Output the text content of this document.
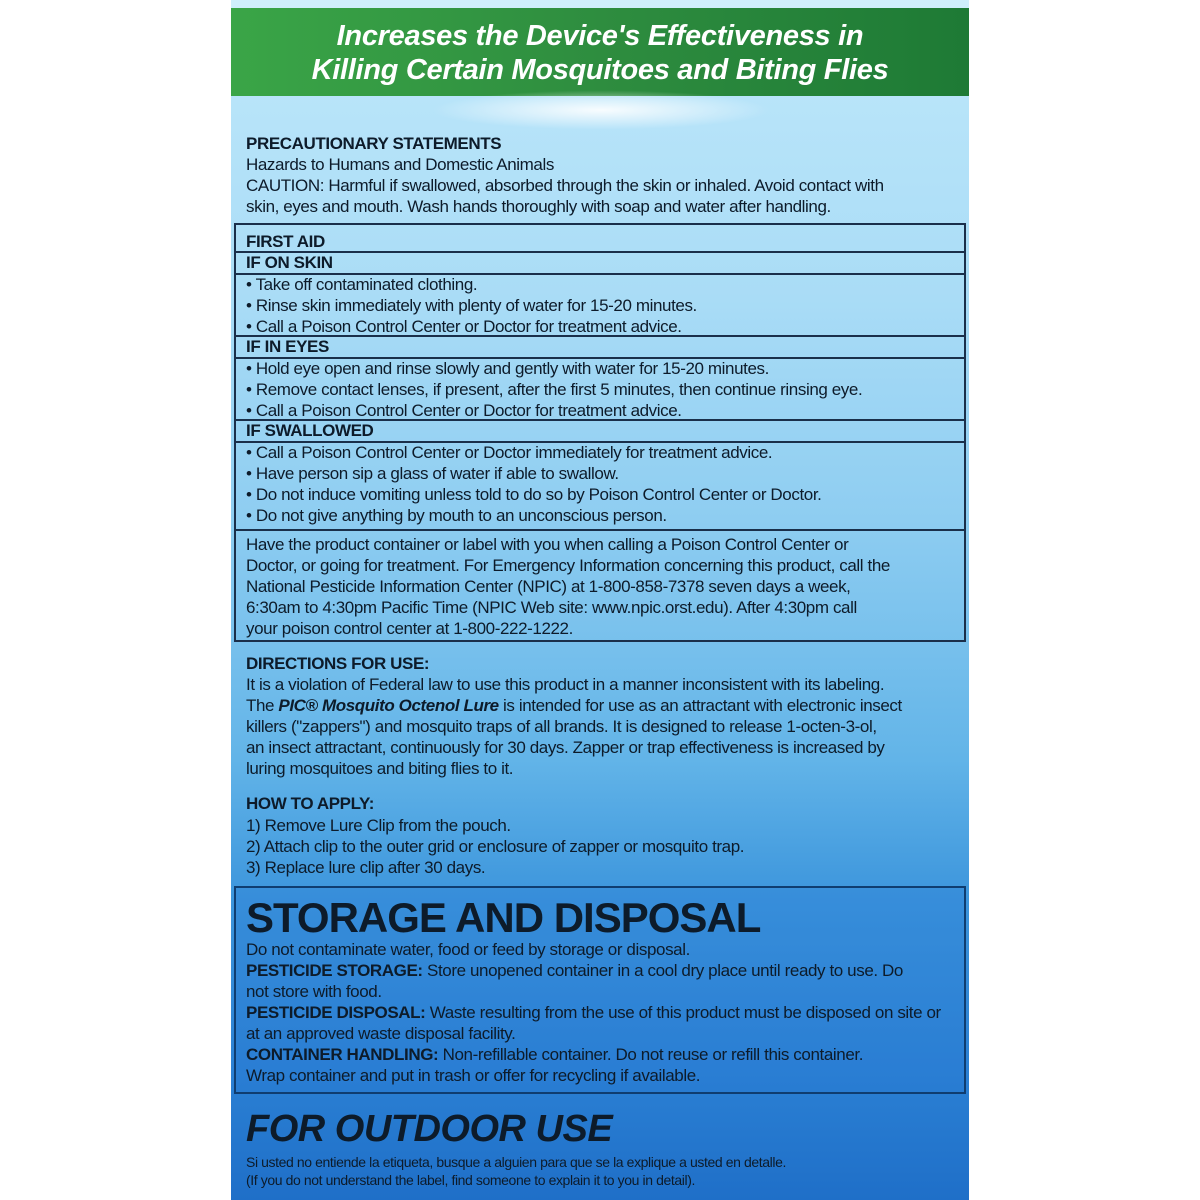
Increases the Device's Effectiveness in
Killing Certain Mosquitoes and Biting Flies
PRECAUTIONARY STATEMENTS
Hazards to Humans and Domestic Animals
CAUTION: Harmful if swallowed, absorbed through the skin or inhaled. Avoid contact with
skin, eyes and mouth. Wash hands thoroughly with soap and water after handling.
FIRST AID
IF ON SKIN
• Take off contaminated clothing.
• Rinse skin immediately with plenty of water for 15-20 minutes.
• Call a Poison Control Center or Doctor for treatment advice.
IF IN EYES
• Hold eye open and rinse slowly and gently with water for 15-20 minutes.
• Remove contact lenses, if present, after the first 5 minutes, then continue rinsing eye.
• Call a Poison Control Center or Doctor for treatment advice.
IF SWALLOWED
• Call a Poison Control Center or Doctor immediately for treatment advice.
• Have person sip a glass of water if able to swallow.
• Do not induce vomiting unless told to do so by Poison Control Center or Doctor.
• Do not give anything by mouth to an unconscious person.
Have the product container or label with you when calling a Poison Control Center or
Doctor, or going for treatment. For Emergency Information concerning this product, call the
National Pesticide Information Center (NPIC) at 1-800-858-7378 seven days a week,
6:30am to 4:30pm Pacific Time (NPIC Web site: www.npic.orst.edu). After 4:30pm call
your poison control center at 1-800-222-1222.
DIRECTIONS FOR USE:
It is a violation of Federal law to use this product in a manner inconsistent with its labeling.
The PIC® Mosquito Octenol Lure is intended for use as an attractant with electronic insect
killers ("zappers") and mosquito traps of all brands. It is designed to release 1-octen-3-ol,
an insect attractant, continuously for 30 days. Zapper or trap effectiveness is increased by
luring mosquitoes and biting flies to it.
HOW TO APPLY:
1) Remove Lure Clip from the pouch.
2) Attach clip to the outer grid or enclosure of zapper or mosquito trap.
3) Replace lure clip after 30 days.
STORAGE AND DISPOSAL
Do not contaminate water, food or feed by storage or disposal.
PESTICIDE STORAGE: Store unopened container in a cool dry place until ready to use. Do
not store with food.
PESTICIDE DISPOSAL: Waste resulting from the use of this product must be disposed on site or
at an approved waste disposal facility.
CONTAINER HANDLING: Non-refillable container. Do not reuse or refill this container.
Wrap container and put in trash or offer for recycling if available.
FOR OUTDOOR USE
Si usted no entiende la etiqueta, busque a alguien para que se la explique a usted en detalle.
(If you do not understand the label, find someone to explain it to you in detail).
